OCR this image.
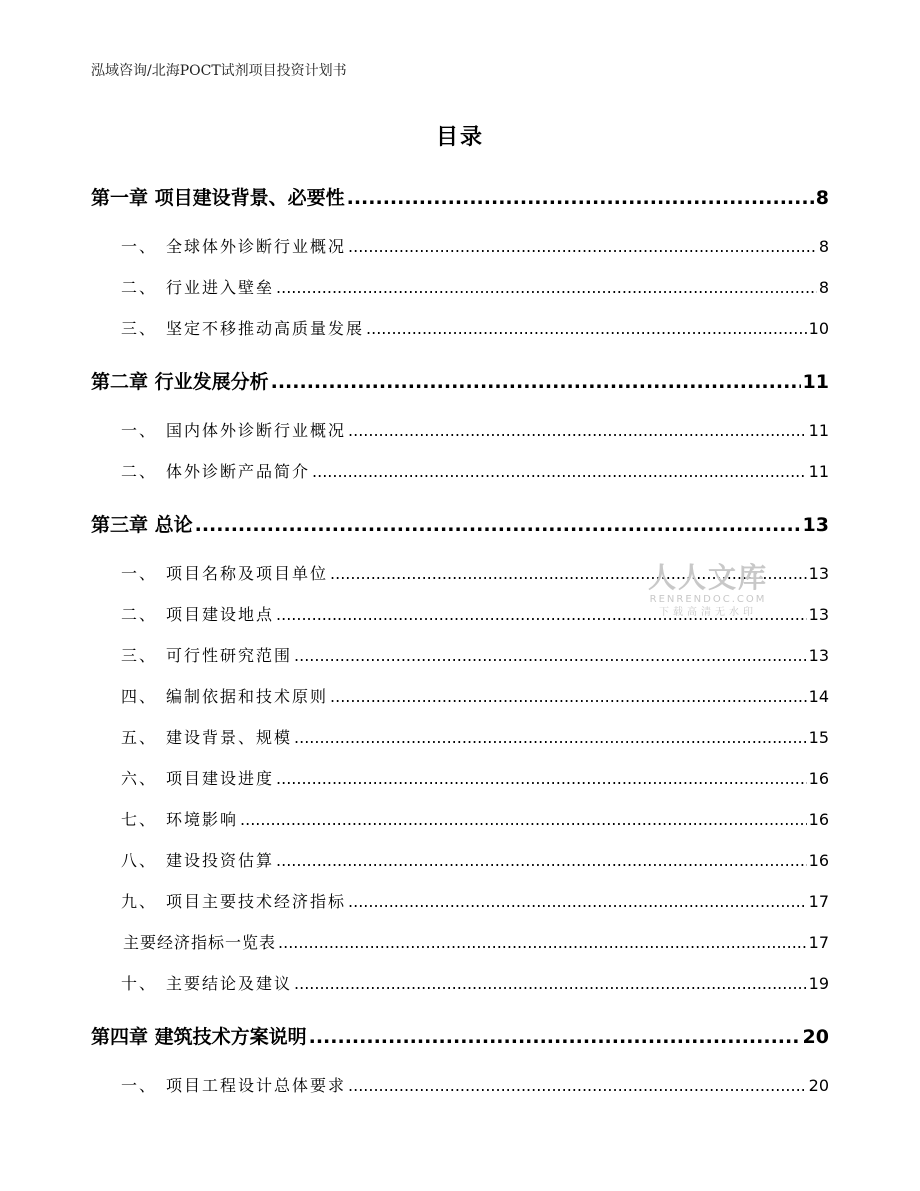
泓域咨询/北海POCT试剂项目投资计划书
目录
第一章 项目建设背景、必要性 .....	8
一、 全球体外诊断行业概况 .....	8
二、 行业进入壁垒 .....	8
三、 坚定不移推动高质量发展 .....	10
第二章 行业发展分析 .....	11
一、 国内体外诊断行业概况 .....	11
二、 体外诊断产品简介 .....	11
第三章 总论 .....	13
一、 项目名称及项目单位 .....	13
二、 项目建设地点 .....	13
三、 可行性研究范围 .....	13
四、 编制依据和技术原则 .....	14
五、 建设背景、规模 .....	15
六、 项目建设进度 .....	16
七、 环境影响 .....	16
八、 建设投资估算 .....	16
九、 项目主要技术经济指标 .....	17
主要经济指标一览表 .....	17
十、 主要结论及建议 .....	19
第四章 建筑技术方案说明 .....	20
一、 项目工程设计总体要求 .....	20
人人文库
RENRENDOC.COM
下载高清无水印
